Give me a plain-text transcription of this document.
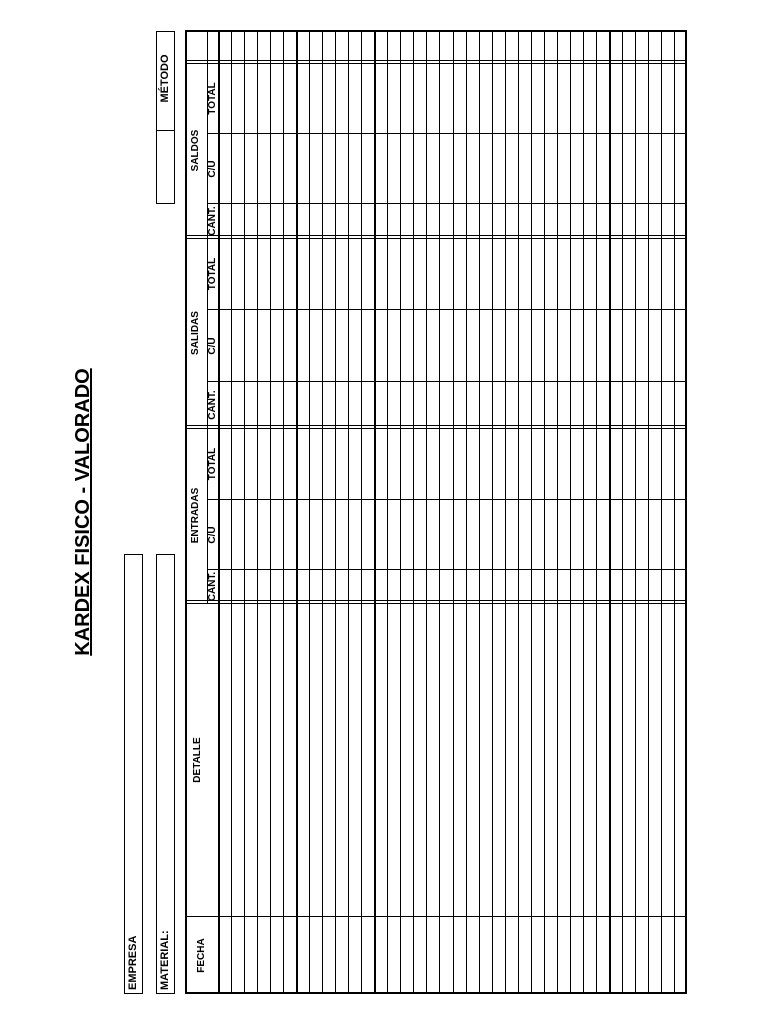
KARDEX FISICO - VALORADO
EMPRESA MATERIAL:
MÉTODO
FECHA
DETALLE
ENTRADAS
CANT.
C/U
TOTAL
SALIDAS
CANT.
C/U
TOTAL
SALDOS
CANT.
C/U
TOTAL
